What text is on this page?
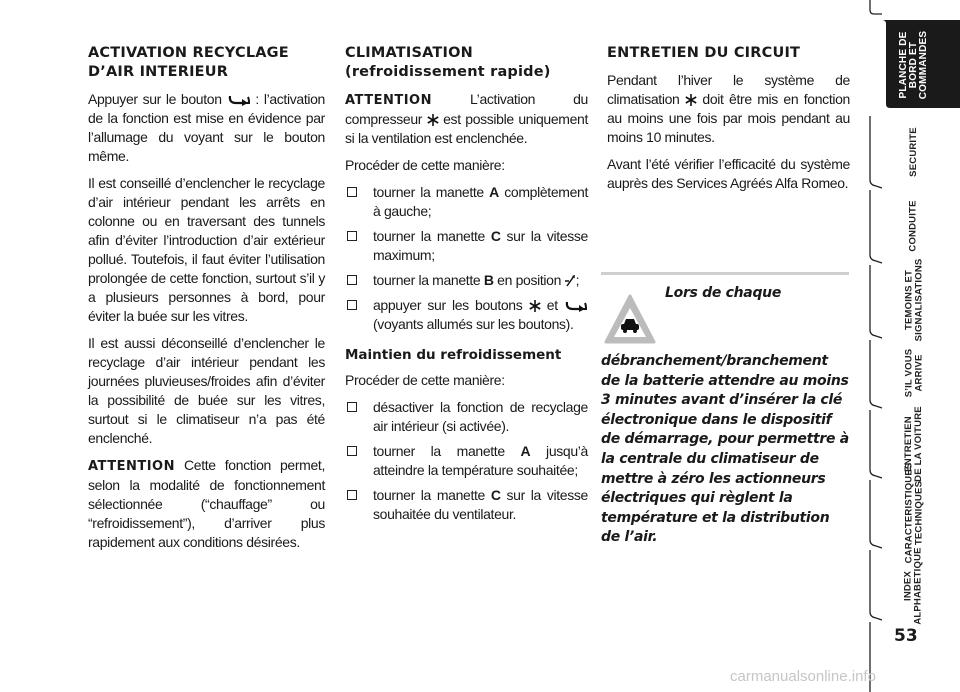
ACTIVATION RECYCLAGE D’AIR INTERIEUR

Appuyer sur le bouton  : l’activation de la fonction est mise en évidence par l’allumage du voyant sur le bouton même.

Il est conseillé d’enclencher le recyclage d’air intérieur pendant les arrêts en colonne ou en traversant des tunnels afin d’éviter l’introduction d’air extérieur pollué. Toutefois, il faut éviter l’utilisation prolongée de cette fonction, surtout s’il y a plusieurs personnes à bord, pour éviter la buée sur les vitres.

Il est aussi déconseillé d’enclencher le recyclage d’air intérieur pendant les journées pluvieuses/froides afin d’éviter la possibilité de buée sur les vitres, surtout si le climatiseur n’a pas été enclenché.

ATTENTION Cette fonction permet, selon la modalité de fonctionnement sélectionnée (“chauffage” ou “refroidissement”), d’arriver plus rapidement aux conditions désirées.

CLIMATISATION (refroidissement rapide)

ATTENTION L’activation du compresseur  est possible uniquement si la ventilation est enclenchée.

Procéder de cette manière:

tourner la manette A complètement à gauche;
tourner la manette C sur la vitesse maximum;
tourner la manette B en position ;
appuyer sur les boutons  et  (voyants allumés sur les boutons).
Maintien du refroidissement

Procéder de cette manière:

désactiver la fonction de recyclage air intérieur (si activée).
tourner la manette A jusqu’à atteindre la température souhaitée;
tourner la manette C sur la vitesse souhaitée du ventilateur.
ENTRETIEN DU CIRCUIT

Pendant l’hiver le système de climatisation  doit être mis en fonction au moins une fois par mois pendant au moins 10 minutes.

Avant l’été vérifier l’efficacité du système auprès des Services Agréés Alfa Romeo.

Lors de chaque débranchement/branchement de la batterie attendre au moins 3 minutes avant d’insérer la clé électronique dans le dispositif de démarrage, pour permettre à la centrale du climatiseur de mettre à zéro les actionneurs électriques qui règlent la température et la distribution de l’air.
PLANCHE DE
BORD ET
COMMANDES
SECURITE
CONDUITE
TEMOINS ET
SIGNALISATIONS
S’IL VOUS
ARRIVE
ENTRETIEN
DE LA VOITURE
CARACTERISTIQUES
TECHNIQUES
INDEX
ALPHABETIQUE
53
carmanualsonline.info
